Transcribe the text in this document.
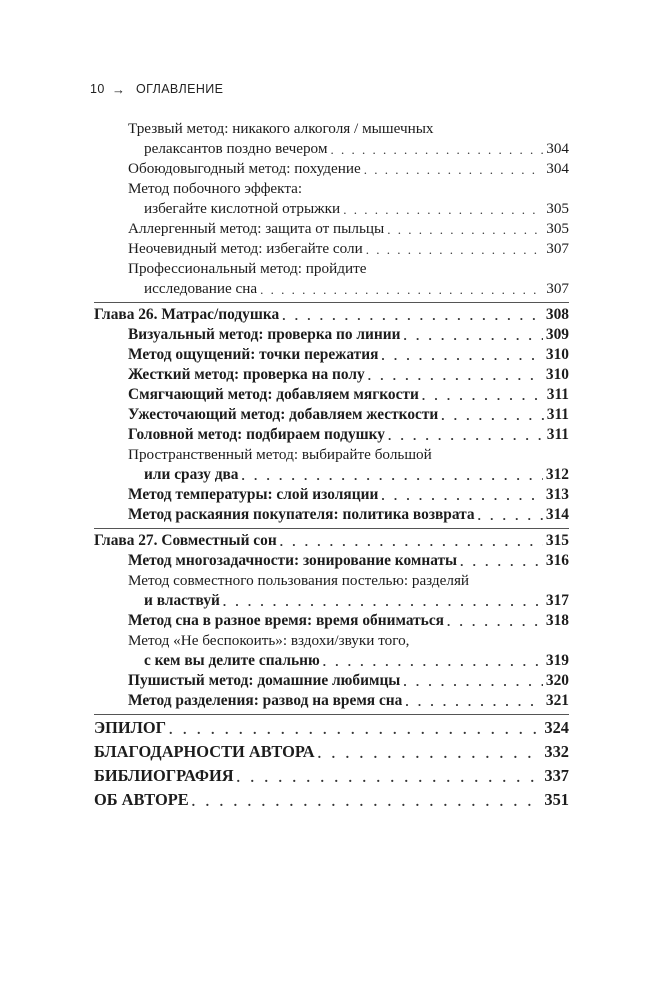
10 → ОГЛАВЛЕНИЕ
Трезвый метод: никакого алкоголя / мышечных
релаксантов поздно вечером . . .	304
Обоюдовыгодный метод: похудение . . .	304
Метод побочного эффекта:
избегайте кислотной отрыжки . . .	305
Аллергенный метод: защита от пыльцы . . .	305
Неочевидный метод: избегайте соли . . .	307
Профессиональный метод: пройдите
исследование сна . . .	307
Глава 26. Матрас/подушка . . .	308
Визуальный метод: проверка по линии . . .	309
Метод ощущений: точки пережатия . . .	310
Жесткий метод: проверка на полу . . .	310
Смягчающий метод: добавляем мягкости . . .	311
Ужесточающий метод: добавляем жесткости . . .	311
Головной метод: подбираем подушку . . .	311
Пространственный метод: выбирайте большой
или сразу два . . .	312
Метод температуры: слой изоляции . . .	313
Метод раскаяния покупателя: политика возврата . . .	314
Глава 27. Совместный сон . . .	315
Метод многозадачности: зонирование комнаты . . .	316
Метод совместного пользования постелью: разделяй
и властвуй . . .	317
Метод сна в разное время: время обниматься . . .	318
Метод «Не беспокоить»: вздохи/звуки того,
с кем вы делите спальню . . .	319
Пушистый метод: домашние любимцы . . .	320
Метод разделения: развод на время сна . . .	321
ЭПИЛОГ . . .	324
БЛАГОДАРНОСТИ АВТОРА . . .	332
БИБЛИОГРАФИЯ . . .	337
ОБ АВТОРЕ . . .	351
